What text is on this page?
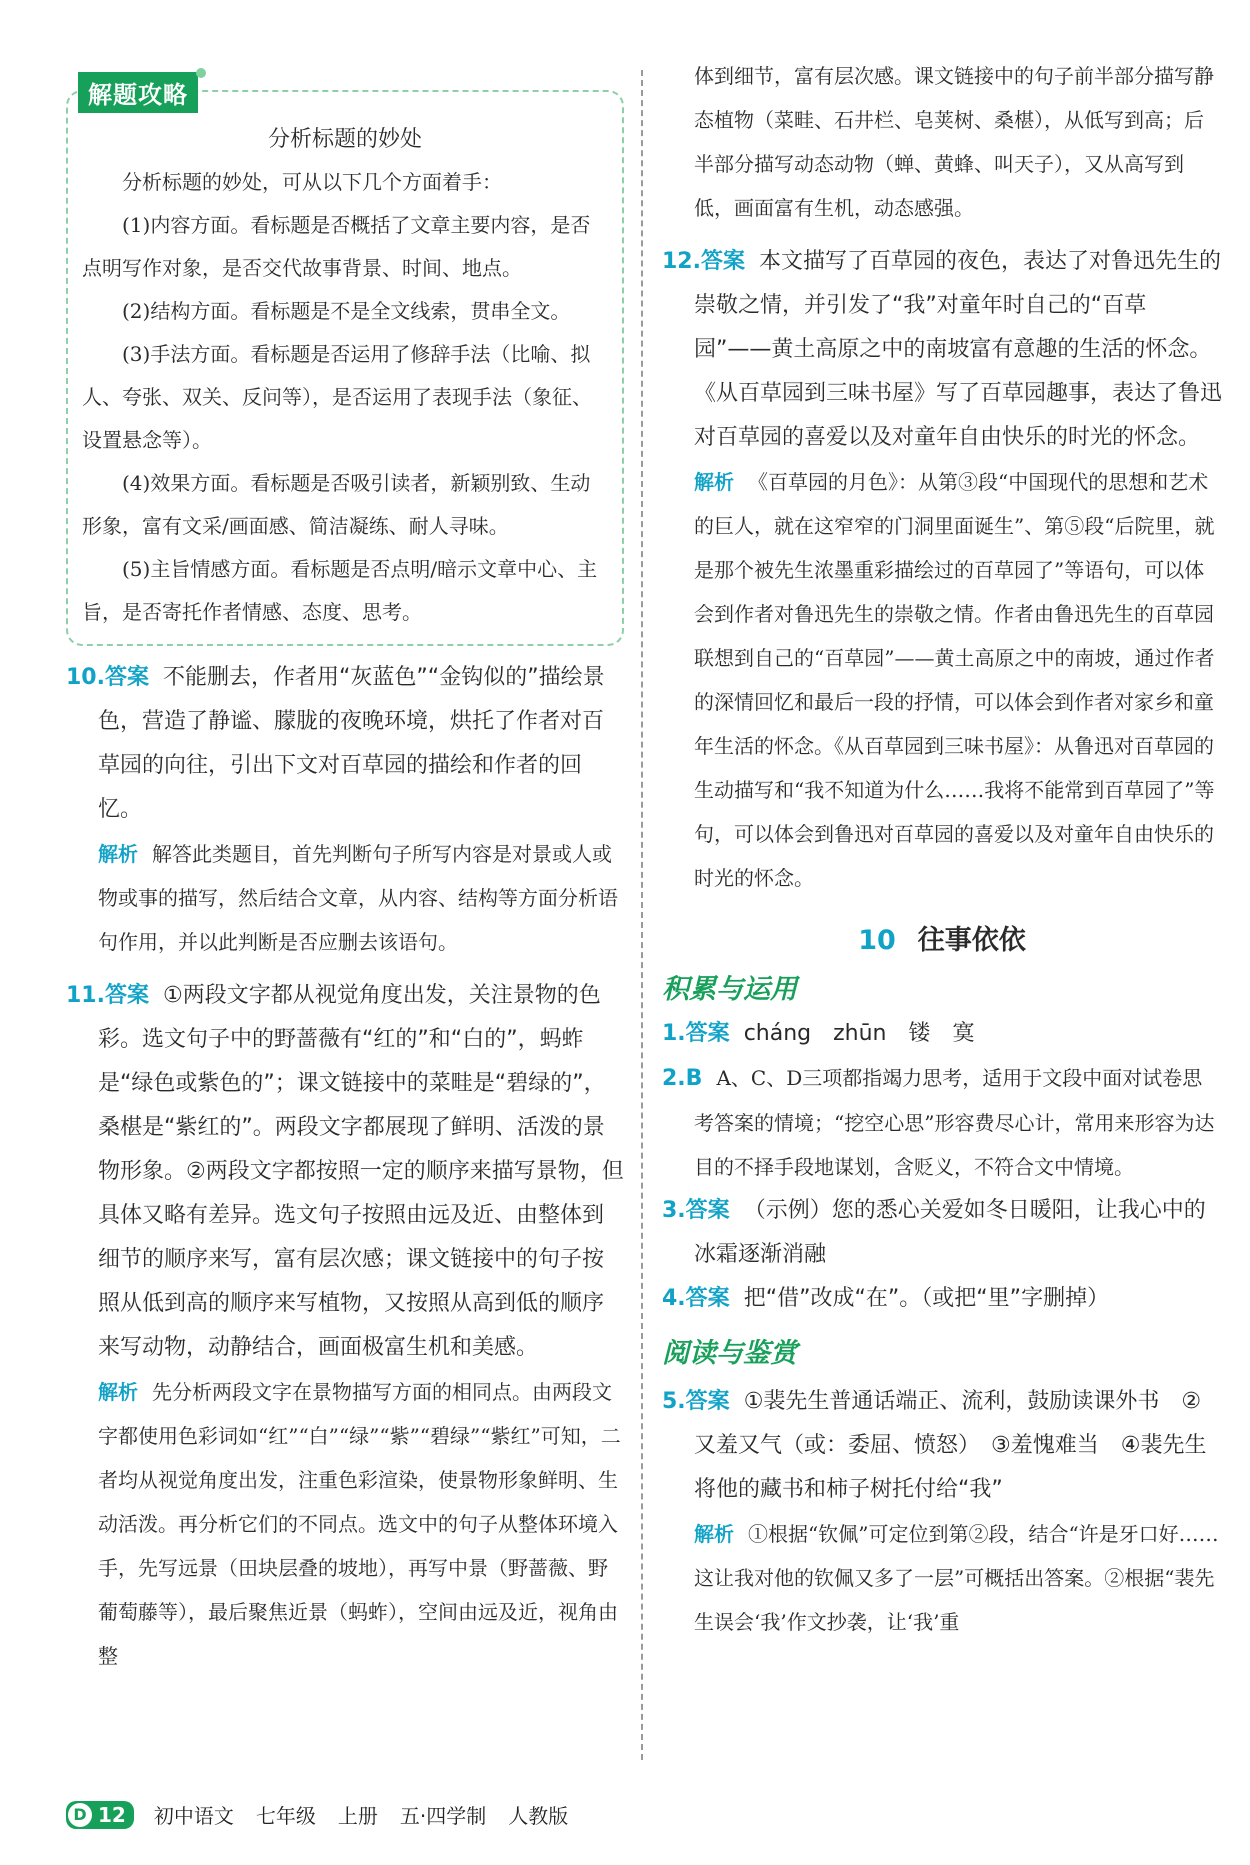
解题攻略
分析标题的妙处

分析标题的妙处，可从以下几个方面着手：

(1)内容方面。看标题是否概括了文章主要内容，是否点明写作对象，是否交代故事背景、时间、地点。

(2)结构方面。看标题是不是全文线索，贯串全文。

(3)手法方面。看标题是否运用了修辞手法（比喻、拟人、夸张、双关、反问等），是否运用了表现手法（象征、设置悬念等）。

(4)效果方面。看标题是否吸引读者，新颖别致、生动形象，富有文采/画面感、简洁凝练、耐人寻味。

(5)主旨情感方面。看标题是否点明/暗示文章中心、主旨，是否寄托作者情感、态度、思考。

10.答案 不能删去，作者用“灰蓝色”“金钩似的”描绘景色，营造了静谧、朦胧的夜晚环境，烘托了作者对百草园的向往，引出下文对百草园的描绘和作者的回忆。

解析 解答此类题目，首先判断句子所写内容是对景或人或物或事的描写，然后结合文章，从内容、结构等方面分析语句作用，并以此判断是否应删去该语句。

11.答案 ①两段文字都从视觉角度出发，关注景物的色彩。选文句子中的野蔷薇有“红的”和“白的”，蚂蚱是“绿色或紫色的”；课文链接中的菜畦是“碧绿的”，桑椹是“紫红的”。两段文字都展现了鲜明、活泼的景物形象。②两段文字都按照一定的顺序来描写景物，但具体又略有差异。选文句子按照由远及近、由整体到细节的顺序来写，富有层次感；课文链接中的句子按照从低到高的顺序来写植物，又按照从高到低的顺序来写动物，动静结合，画面极富生机和美感。

解析 先分析两段文字在景物描写方面的相同点。由两段文字都使用色彩词如“红”“白”“绿”“紫”“碧绿”“紫红”可知，二者均从视觉角度出发，注重色彩渲染，使景物形象鲜明、生动活泼。再分析它们的不同点。选文中的句子从整体环境入手，先写远景（田块层叠的坡地），再写中景（野蔷薇、野葡萄藤等），最后聚焦近景（蚂蚱），空间由远及近，视角由整

体到细节，富有层次感。课文链接中的句子前半部分描写静态植物（菜畦、石井栏、皂荚树、桑椹），从低写到高；后半部分描写动态动物（蝉、黄蜂、叫天子），又从高写到低，画面富有生机，动态感强。

12.答案 本文描写了百草园的夜色，表达了对鲁迅先生的崇敬之情，并引发了“我”对童年时自己的“百草园”——黄土高原之中的南坡富有意趣的生活的怀念。《从百草园到三味书屋》写了百草园趣事，表达了鲁迅对百草园的喜爱以及对童年自由快乐的时光的怀念。

解析 《百草园的月色》：从第③段“中国现代的思想和艺术的巨人，就在这窄窄的门洞里面诞生”、第⑤段“后院里，就是那个被先生浓墨重彩描绘过的百草园了”等语句，可以体会到作者对鲁迅先生的崇敬之情。作者由鲁迅先生的百草园联想到自己的“百草园”——黄土高原之中的南坡，通过作者的深情回忆和最后一段的抒情，可以体会到作者对家乡和童年生活的怀念。《从百草园到三味书屋》：从鲁迅对百草园的生动描写和“我不知道为什么……我将不能常到百草园了”等句，可以体会到鲁迅对百草园的喜爱以及对童年自由快乐的时光的怀念。

10 往事依依
积累与运用

1.答案 cháng　zhūn　镂　寞

2.B A、C、D三项都指竭力思考，适用于文段中面对试卷思考答案的情境；“挖空心思”形容费尽心计，常用来形容为达目的不择手段地谋划，含贬义，不符合文中情境。

3.答案 （示例）您的悉心关爱如冬日暖阳，让我心中的冰霜逐渐消融

4.答案 把“借”改成“在”。（或把“里”字删掉）

阅读与鉴赏

5.答案 ①裴先生普通话端正、流利，鼓励读课外书　②又羞又气（或：委屈、愤怒）　③羞愧难当　④裴先生将他的藏书和柿子树托付给“我”

解析 ①根据“钦佩”可定位到第②段，结合“许是牙口好……这让我对他的钦佩又多了一层”可概括出答案。②根据“裴先生误会‘我’作文抄袭，让‘我’重

D 12	初中语文 七年级 上册 五·四学制 人教版
